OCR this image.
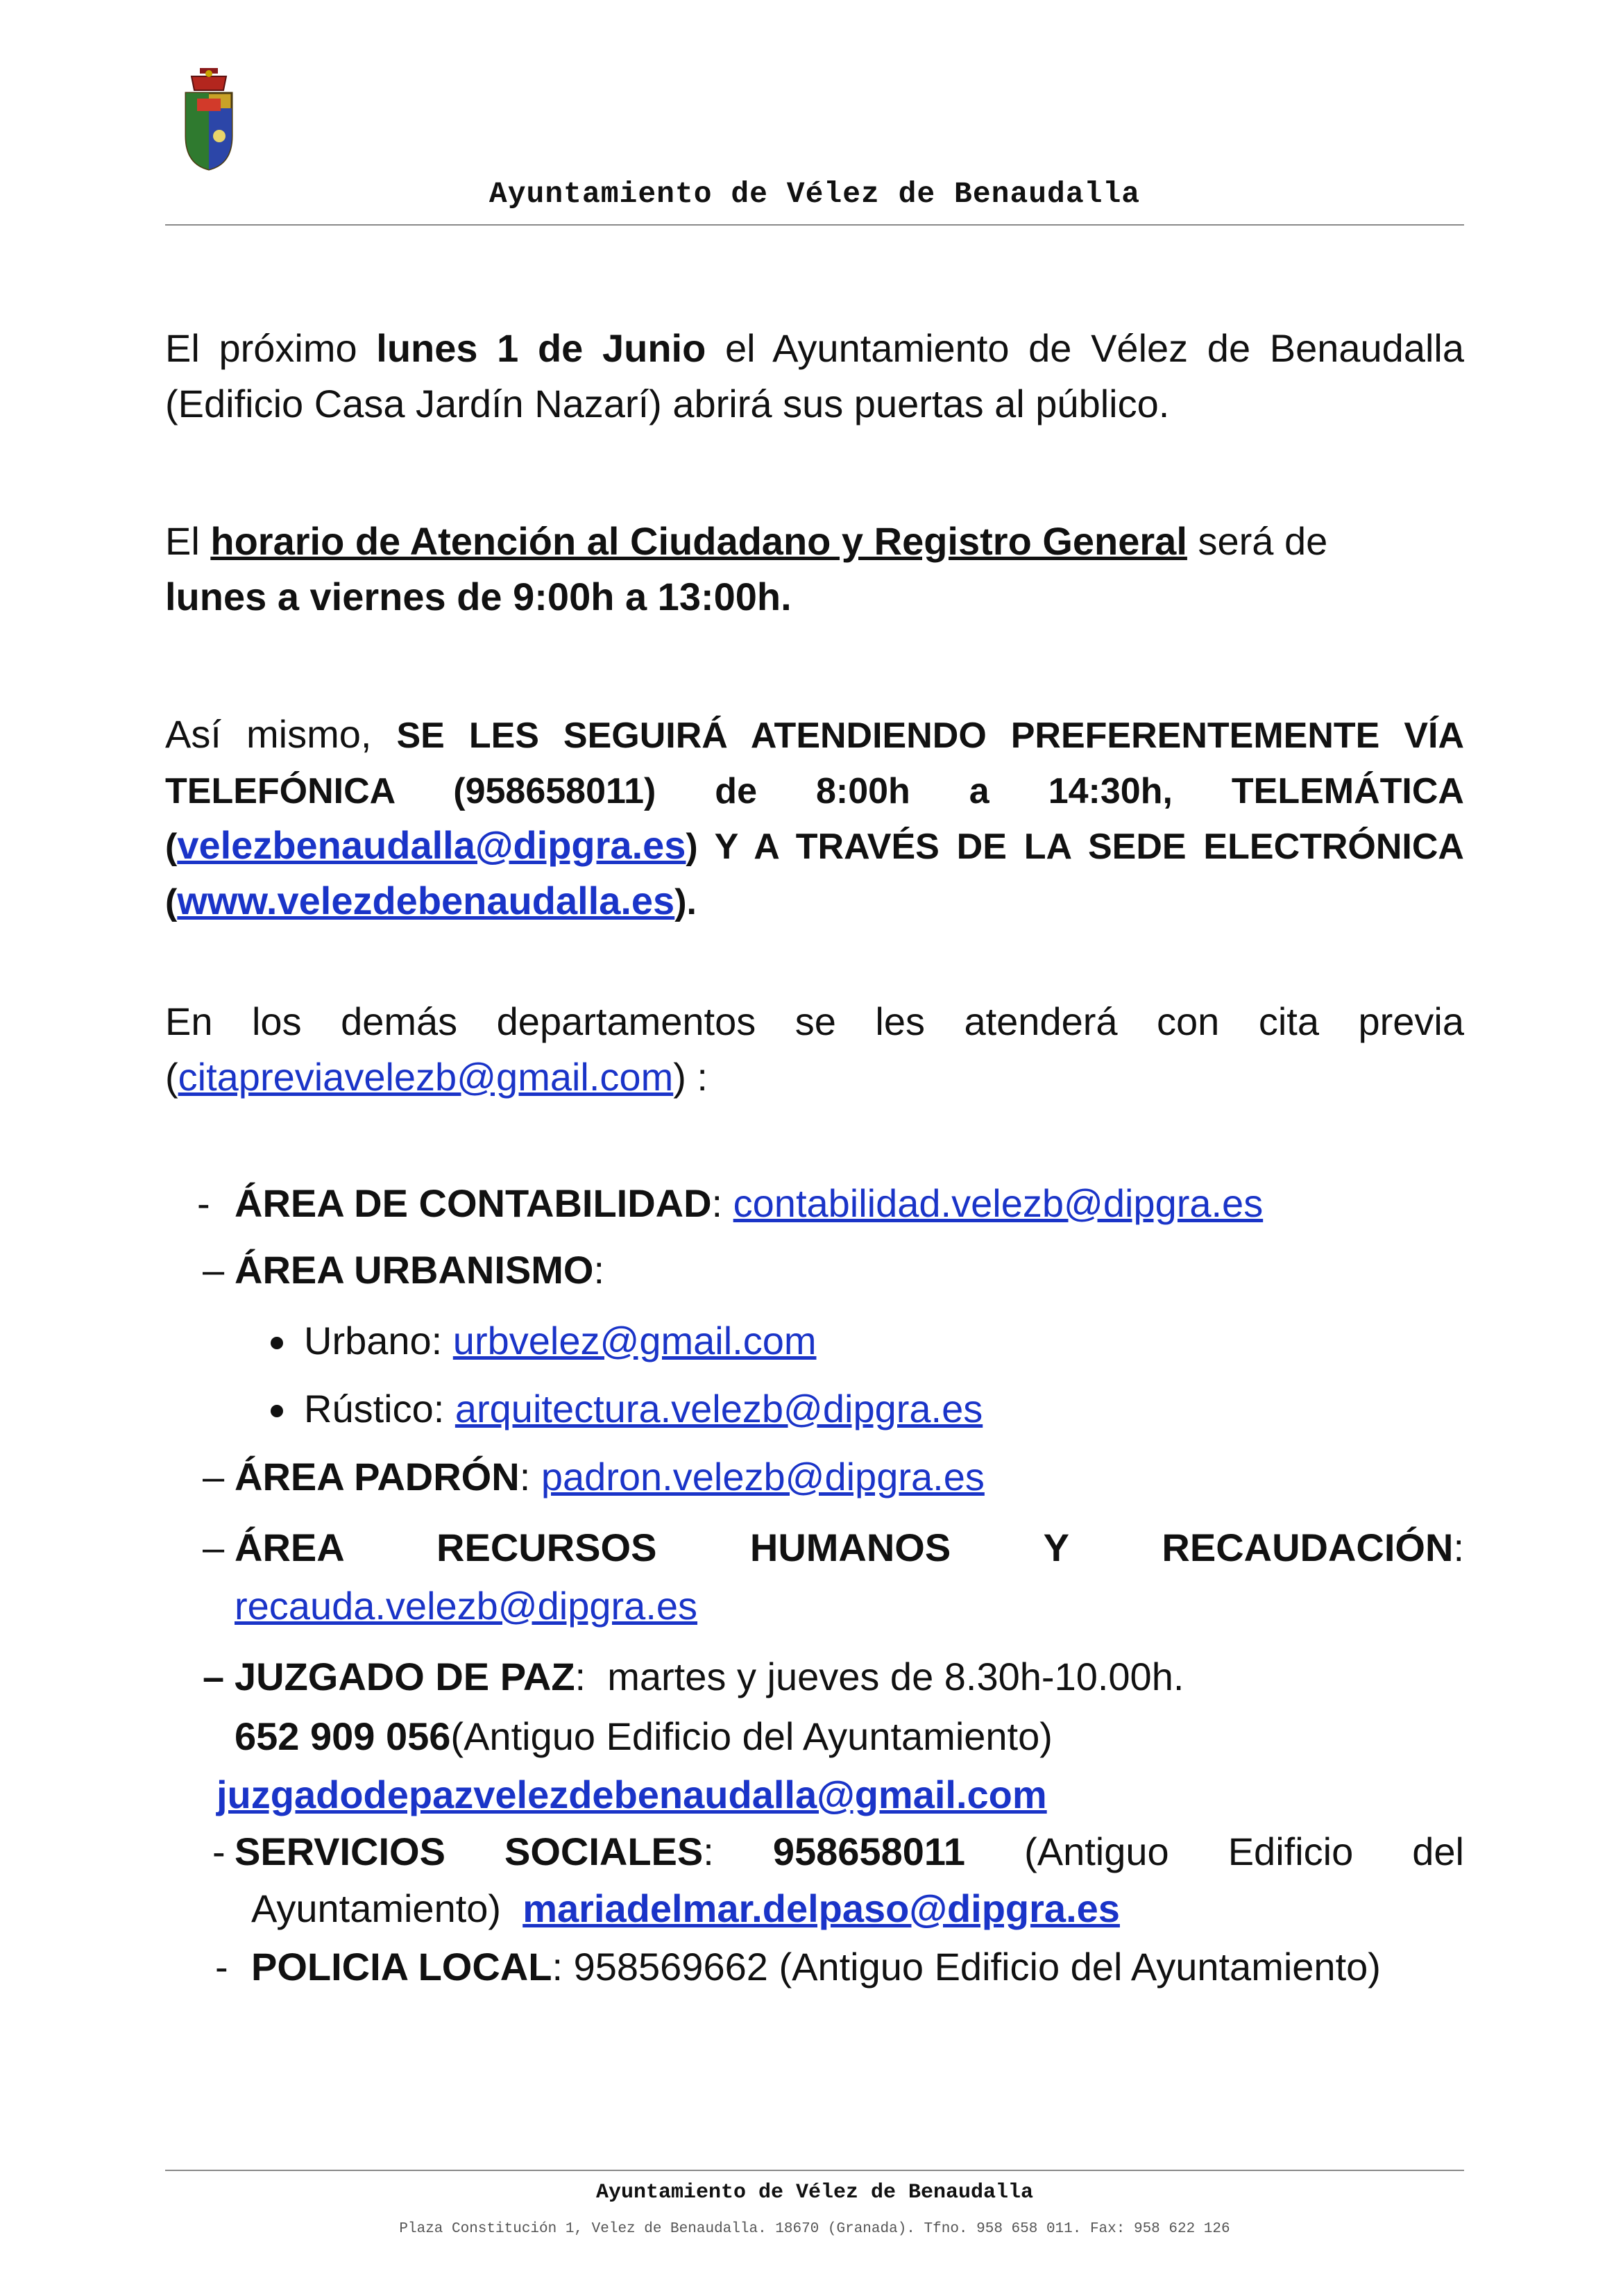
Ayuntamiento de Vélez de Benaudalla
El próximo lunes 1 de Junio el Ayuntamiento de Vélez de Benaudalla (Edificio Casa Jardín Nazarí) abrirá sus puertas al público.
El horario de Atención al Ciudadano y Registro General será de
lunes a viernes de 9:00h a 13:00h.
Así mismo, SE LES SEGUIRÁ ATENDIENDO PREFERENTEMENTE VÍA TELEFÓNICA (958658011) de 8:00h a 14:30h, TELEMÁTICA (velezbenaudalla@dipgra.es) Y A TRAVÉS DE LA SEDE ELECTRÓNICA (www.velezdebenaudalla.es).
En los demás departamentos se les atenderá con cita previa (citapreviavelezb@gmail.com) :
- ÁREA DE CONTABILIDAD: contabilidad.velezb@dipgra.es
– ÁREA URBANISMO:
Urbano: urbvelez@gmail.com
Rústico: arquitectura.velezb@dipgra.es
– ÁREA PADRÓN: padron.velezb@dipgra.es
– ÁREA RECURSOS HUMANOS Y RECAUDACIÓN:
recauda.velezb@dipgra.es
– JUZGADO DE PAZ: martes y jueves de 8.30h-10.00h.
652 909 056(Antiguo Edificio del Ayuntamiento)
juzgadodepazvelezdebenaudalla@gmail.com
- SERVICIOS SOCIALES: 958658011 (Antiguo Edificio del
Ayuntamiento)  mariadelmar.delpaso@dipgra.es
- POLICIA LOCAL: 958569662 (Antiguo Edificio del Ayuntamiento)
Ayuntamiento de Vélez de Benaudalla
Plaza Constitución 1, Velez de Benaudalla. 18670 (Granada). Tfno. 958 658 011. Fax: 958 622 126
